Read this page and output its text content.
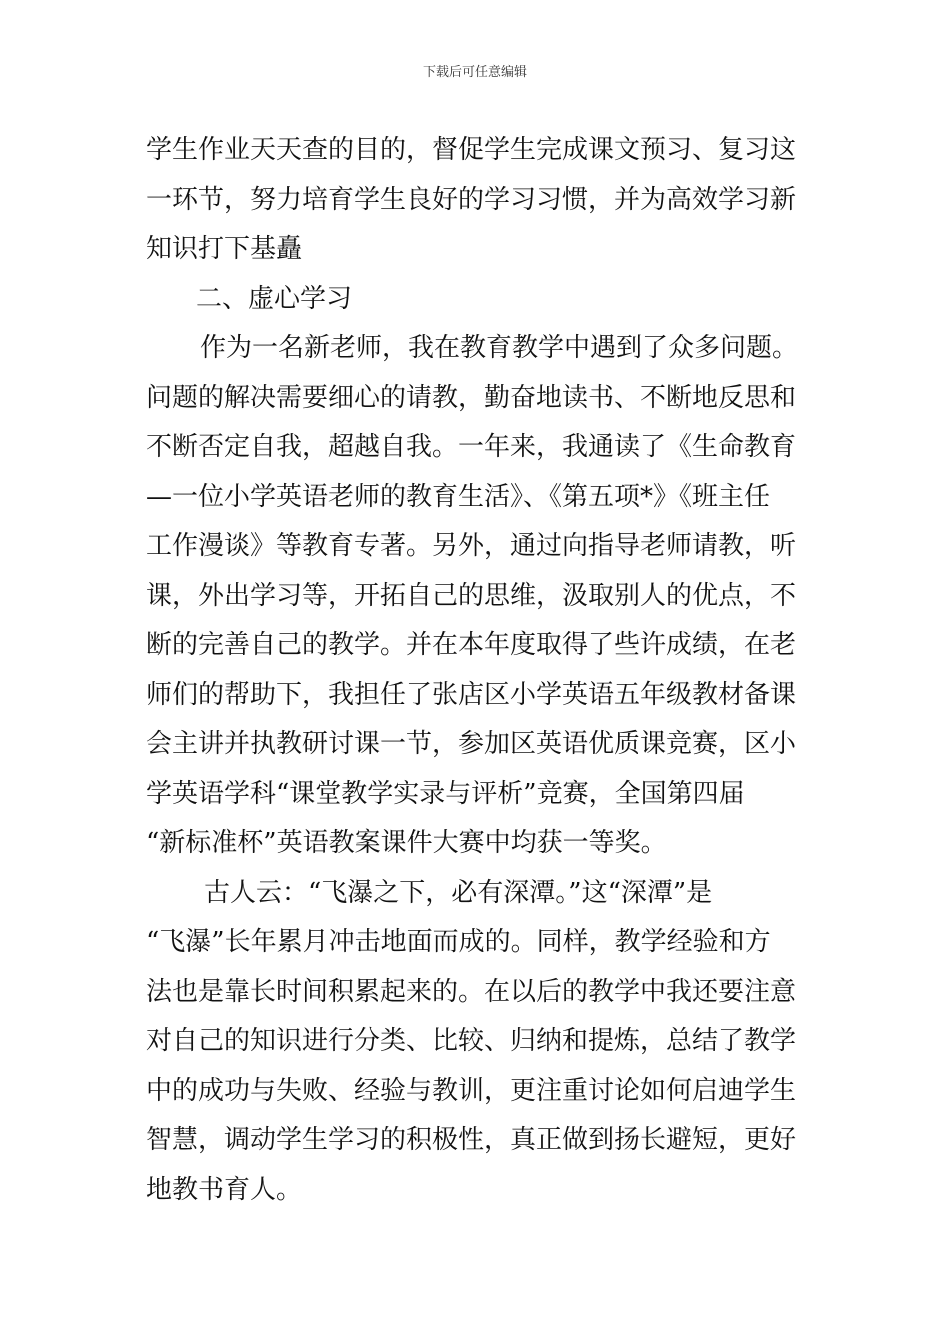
下载后可任意编辑
学生作业天天查的目的，督促学生完成课文预习、复习这
一环节，努力培育学生良好的学习习惯，并为高效学习新
知识打下基矗
二、虚心学习
作为一名新老师，我在教育教学中遇到了众多问题。
问题的解决需要细心的请教，勤奋地读书、不断地反思和
不断否定自我，超越自我。一年来，我通读了《生命教育
—一位小学英语老师的教育生活》、《第五项*》《班主任
工作漫谈》等教育专著。另外，通过向指导老师请教，听
课，外出学习等，开拓自己的思维，汲取别人的优点，不
断的完善自己的教学。并在本年度取得了些许成绩，在老
师们的帮助下，我担任了张店区小学英语五年级教材备课
会主讲并执教研讨课一节，参加区英语优质课竞赛，区小
学英语学科“课堂教学实录与评析”竞赛，全国第四届
“新标准杯”英语教案课件大赛中均获一等奖。
古人云：“飞瀑之下，必有深潭。”这“深潭”是
“飞瀑”长年累月冲击地面而成的。同样，教学经验和方
法也是靠长时间积累起来的。在以后的教学中我还要注意
对自己的知识进行分类、比较、归纳和提炼，总结了教学
中的成功与失败、经验与教训，更注重讨论如何启迪学生
智慧，调动学生学习的积极性，真正做到扬长避短，更好
地教书育人。
